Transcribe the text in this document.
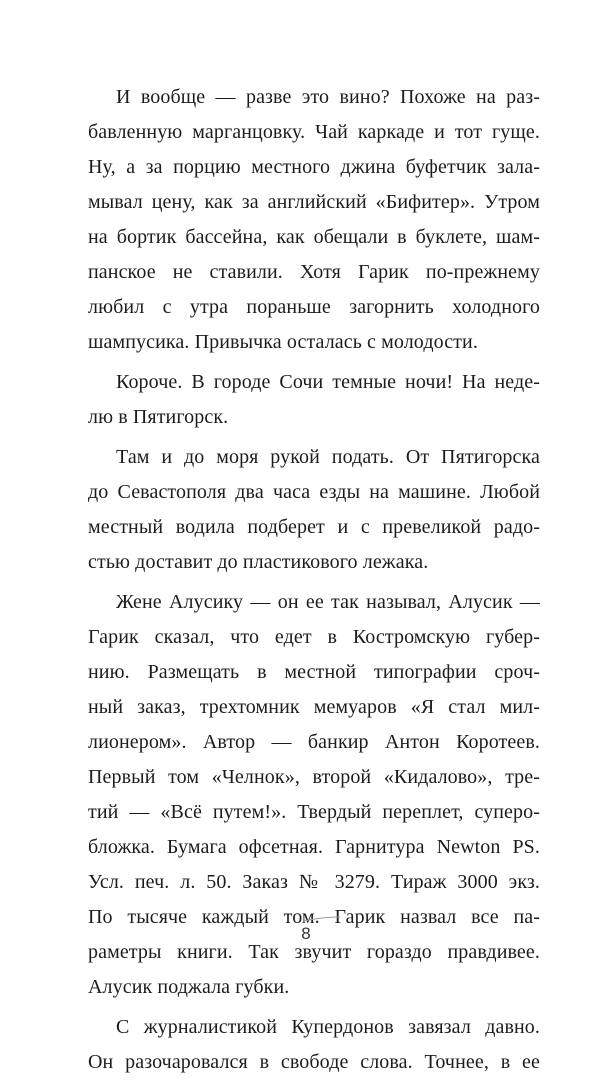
И вообще — разве это вино? Похоже на раз-
бавленную марганцовку. Чай каркаде и тот гуще.
Ну, а за порцию местного джина буфетчик зала-
мывал цену, как за английский «Бифитер». Утром
на бортик бассейна, как обещали в буклете, шам-
панское не ставили. Хотя Гарик по-прежнему
любил с утра пораньше загорнить холодного
шампусика. Привычка осталась с молодости.
Короче. В городе Сочи темные ночи! На неде-
лю в Пятигорск.
Там и до моря рукой подать. От Пятигорска
до Севастополя два часа езды на машине. Любой
местный водила подберет и с превеликой радо-
стью доставит до пластикового лежака.
Жене Алусику — он ее так называл, Алусик —
Гарик сказал, что едет в Костромскую губер-
нию. Размещать в местной типографии сроч-
ный заказ, трехтомник мемуаров «Я стал мил-
лионером». Автор — банкир Антон Коротеев.
Первый том «Челнок», второй «Кидалово», тре-
тий — «Всё путем!». Твердый переплет, суперо-
бложка. Бумага офсетная. Гарнитура Newton PS.
Усл. печ. л. 50. Заказ № 3279. Тираж 3000 экз.
По тысяче каждый том. Гарик назвал все па-
раметры книги. Так звучит гораздо правдивее.
Алусик поджала губки.
С журналистикой Купердонов завязал давно.
Он разочаровался в свободе слова. Точнее, в ее
8
